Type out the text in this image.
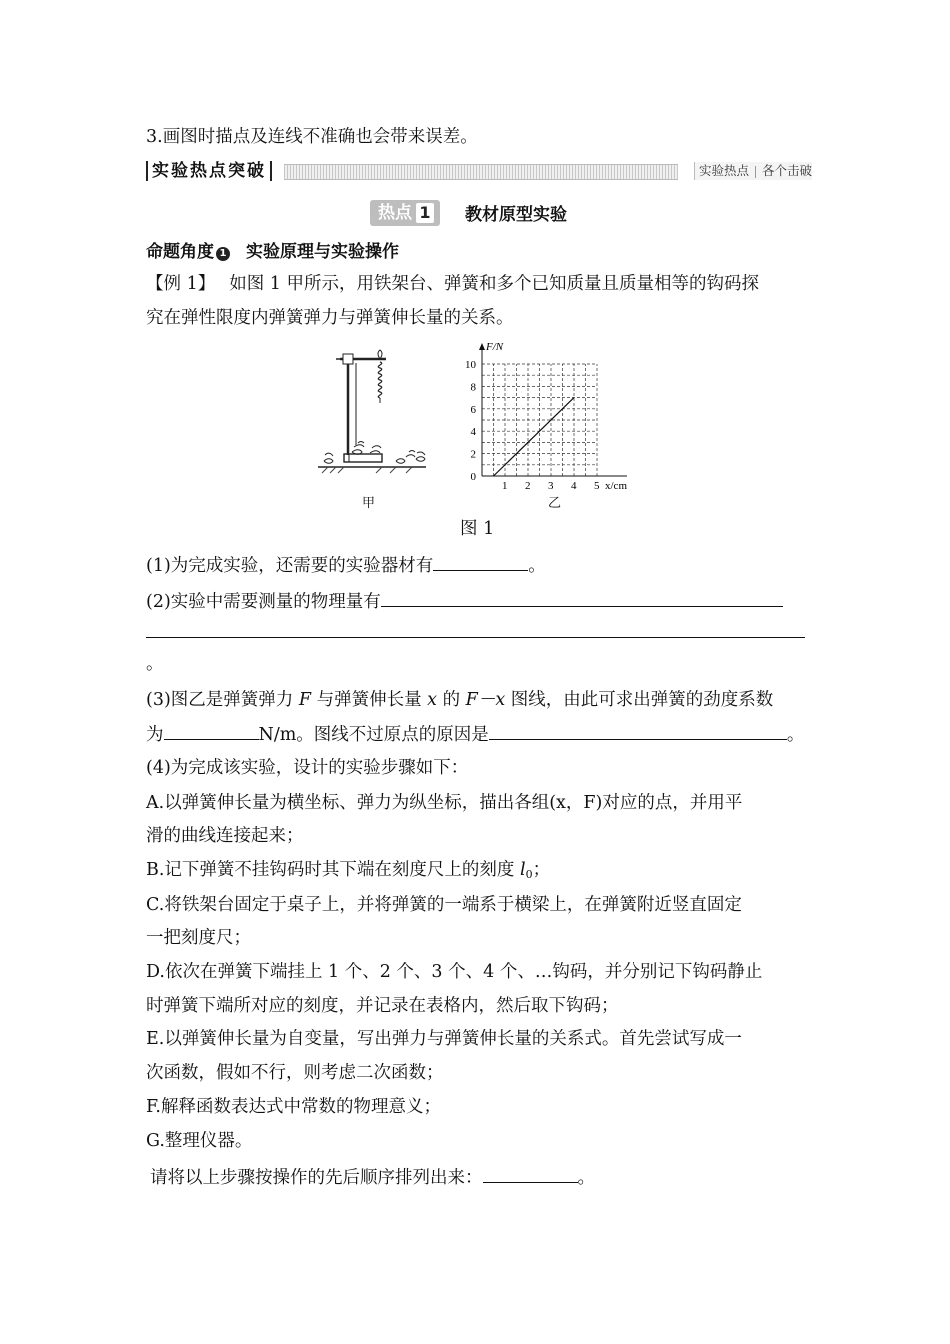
3.画图时描点及连线不准确也会带来误差。
实验热点突破	实验热点 各个击破
热点 1	教材原型实验
命题角度 1 实验原理与实验操作
【例 1】 如图 1 甲所示，用铁架台、弹簧和多个已知质量且质量相等的钩码探
究在弹性限度内弹簧弹力与弹簧伸长量的关系。
甲
F/N
x/cm
1 2 3 4 5
0
2
4
6
8
10
乙
图 1
(1)为完成实验，还需要的实验器材有	。
(2)实验中需要测量的物理量有
。
(3)图乙是弹簧弹力 F 与弹簧伸长量 x 的 F－x 图线，由此可求出弹簧的劲度系数
为	N/m。图线不过原点的原因是	。
(4)为完成该实验，设计的实验步骤如下：
A.以弹簧伸长量为横坐标、弹力为纵坐标，描出各组(x，F)对应的点，并用平
滑的曲线连接起来；
B.记下弹簧不挂钩码时其下端在刻度尺上的刻度 $l_0$；
C.将铁架台固定于桌子上，并将弹簧的一端系于横梁上，在弹簧附近竖直固定
一把刻度尺；
D.依次在弹簧下端挂上 1 个、2 个、3 个、4 个、…钩码，并分别记下钩码静止
时弹簧下端所对应的刻度，并记录在表格内，然后取下钩码；
E.以弹簧伸长量为自变量，写出弹力与弹簧伸长量的关系式。首先尝试写成一
次函数，假如不行，则考虑二次函数；
F.解释函数表达式中常数的物理意义；
G.整理仪器。
请将以上步骤按操作的先后顺序排列出来：	。
